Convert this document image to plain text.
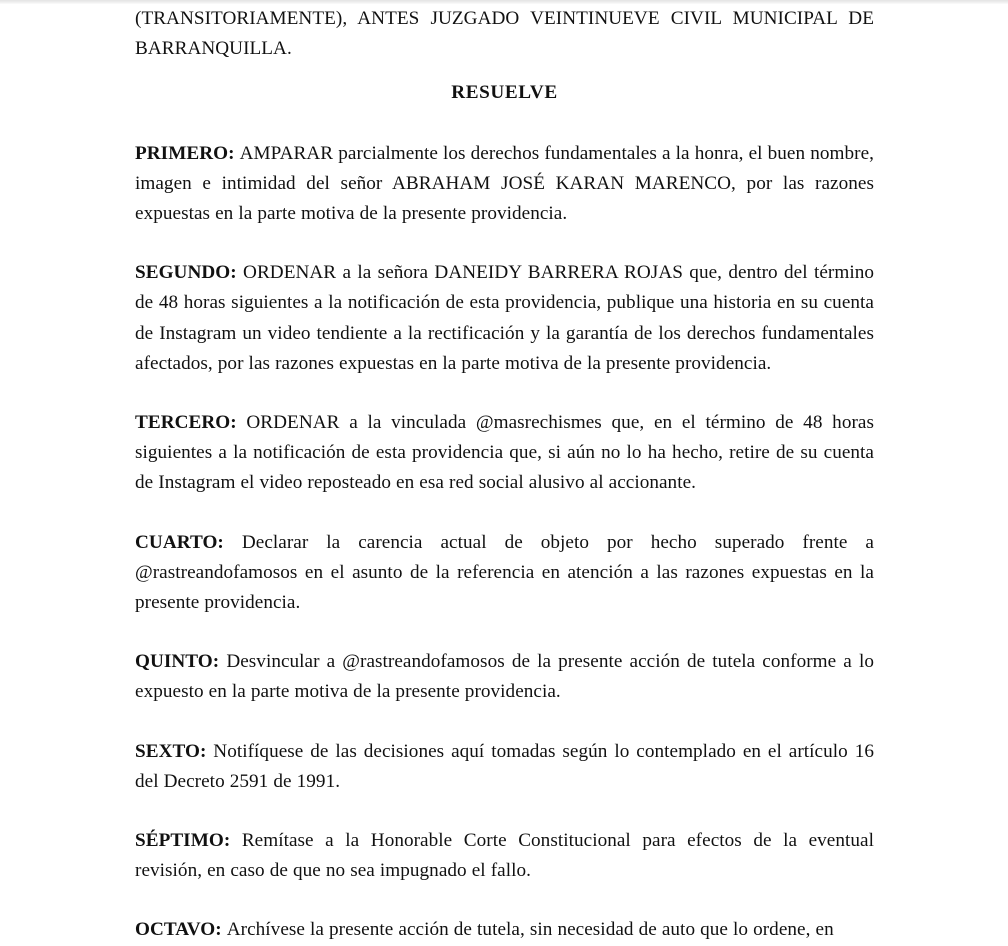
(TRANSITORIAMENTE), ANTES JUZGADO VEINTINUEVE CIVIL MUNICIPAL DE BARRANQUILLA.

RESUELVE

PRIMERO: AMPARAR parcialmente los derechos fundamentales a la honra, el buen nombre, imagen e intimidad del señor ABRAHAM JOSÉ KARAN MARENCO, por las razones expuestas en la parte motiva de la presente providencia.

SEGUNDO: ORDENAR a la señora DANEIDY BARRERA ROJAS que, dentro del término de 48 horas siguientes a la notificación de esta providencia, publique una historia en su cuenta de Instagram un video tendiente a la rectificación y la garantía de los derechos fundamentales afectados, por las razones expuestas en la parte motiva de la presente providencia.

TERCERO: ORDENAR a la vinculada @masrechismes que, en el término de 48 horas siguientes a la notificación de esta providencia que, si aún no lo ha hecho, retire de su cuenta de Instagram el video reposteado en esa red social alusivo al accionante.

CUARTO: Declarar la carencia actual de objeto por hecho superado frente a @rastreandofamosos en el asunto de la referencia en atención a las razones expuestas en la presente providencia.

QUINTO: Desvincular a @rastreandofamosos de la presente acción de tutela conforme a lo expuesto en la parte motiva de la presente providencia.

SEXTO: Notifíquese de las decisiones aquí tomadas según lo contemplado en el artículo 16 del Decreto 2591 de 1991.

SÉPTIMO: Remítase a la Honorable Corte Constitucional para efectos de la eventual revisión, en caso de que no sea impugnado el fallo.

OCTAVO: Archívese la presente acción de tutela, sin necesidad de auto que lo ordene, en
